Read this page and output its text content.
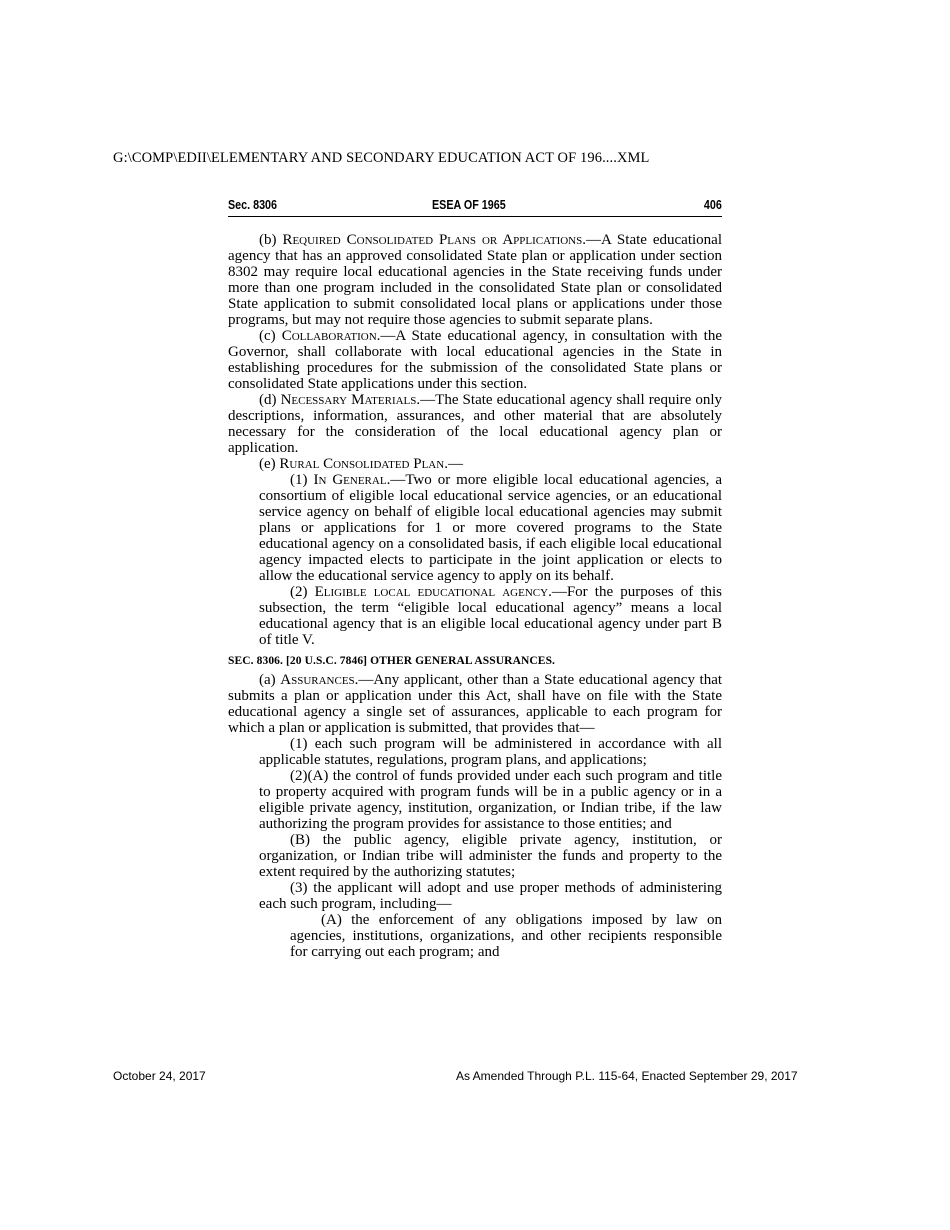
G:\COMP\EDII\ELEMENTARY AND SECONDARY EDUCATION ACT OF 196....XML
Sec. 8306	ESEA OF 1965	406

(b) Required Consolidated Plans or Applications.—A State educational agency that has an approved consolidated State plan or application under section 8302 may require local educational agencies in the State receiving funds under more than one program included in the consolidated State plan or consolidated State application to submit consolidated local plans or applications under those programs, but may not require those agencies to submit separate plans.

(c) Collaboration.—A State educational agency, in consultation with the Governor, shall collaborate with local educational agencies in the State in establishing procedures for the submission of the consolidated State plans or consolidated State applications under this section.

(d) Necessary Materials.—The State educational agency shall require only descriptions, information, assurances, and other material that are absolutely necessary for the consideration of the local educational agency plan or application.

(e) Rural Consolidated Plan.—

(1) In General.—Two or more eligible local educational agencies, a consortium of eligible local educational service agencies, or an educational service agency on behalf of eligible local educational agencies may submit plans or applications for 1 or more covered programs to the State educational agency on a consolidated basis, if each eligible local educational agency impacted elects to participate in the joint application or elects to allow the educational service agency to apply on its behalf.

(2) Eligible local educational agency.—For the purposes of this subsection, the term “eligible local educational agency” means a local educational agency that is an eligible local educational agency under part B of title V.

SEC. 8306. [20 U.S.C. 7846] OTHER GENERAL ASSURANCES.

(a) Assurances.—Any applicant, other than a State educational agency that submits a plan or application under this Act, shall have on file with the State educational agency a single set of assurances, applicable to each program for which a plan or application is submitted, that provides that—

(1) each such program will be administered in accordance with all applicable statutes, regulations, program plans, and applications;

(2)(A) the control of funds provided under each such program and title to property acquired with program funds will be in a public agency or in a eligible private agency, institution, organization, or Indian tribe, if the law authorizing the program provides for assistance to those entities; and

(B) the public agency, eligible private agency, institution, or organization, or Indian tribe will administer the funds and property to the extent required by the authorizing statutes;

(3) the applicant will adopt and use proper methods of administering each such program, including—

(A) the enforcement of any obligations imposed by law on agencies, institutions, organizations, and other recipients responsible for carrying out each program; and

October 24, 2017	As Amended Through P.L. 115-64, Enacted September 29, 2017
